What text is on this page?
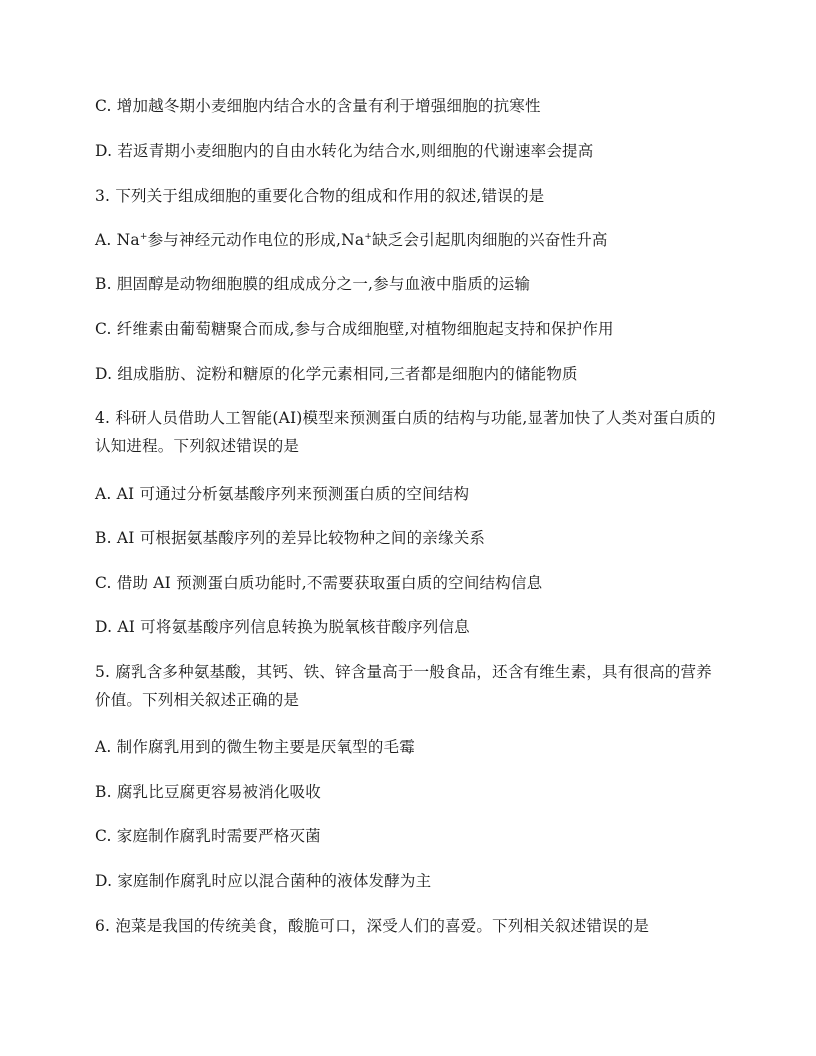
C. 增加越冬期小麦细胞内结合水的含量有利于增强细胞的抗寒性
D. 若返青期小麦细胞内的自由水转化为结合水,则细胞的代谢速率会提高
3. 下列关于组成细胞的重要化合物的组成和作用的叙述,错误的是
A. Na+参与神经元动作电位的形成,Na+缺乏会引起肌肉细胞的兴奋性升高
B. 胆固醇是动物细胞膜的组成成分之一,参与血液中脂质的运输
C. 纤维素由葡萄糖聚合而成,参与合成细胞壁,对植物细胞起支持和保护作用
D. 组成脂肪、淀粉和糖原的化学元素相同,三者都是细胞内的储能物质
4. 科研人员借助人工智能(AI)模型来预测蛋白质的结构与功能,显著加快了人类对蛋白质的认知进程。下列叙述错误的是
A. AI 可通过分析氨基酸序列来预测蛋白质的空间结构
B. AI 可根据氨基酸序列的差异比较物种之间的亲缘关系
C. 借助 AI 预测蛋白质功能时,不需要获取蛋白质的空间结构信息
D. AI 可将氨基酸序列信息转换为脱氧核苷酸序列信息
5. 腐乳含多种氨基酸，其钙、铁、锌含量高于一般食品，还含有维生素，具有很高的营养价值。下列相关叙述正确的是
A. 制作腐乳用到的微生物主要是厌氧型的毛霉
B. 腐乳比豆腐更容易被消化吸收
C. 家庭制作腐乳时需要严格灭菌
D. 家庭制作腐乳时应以混合菌种的液体发酵为主
6. 泡菜是我国的传统美食，酸脆可口，深受人们的喜爱。下列相关叙述错误的是
